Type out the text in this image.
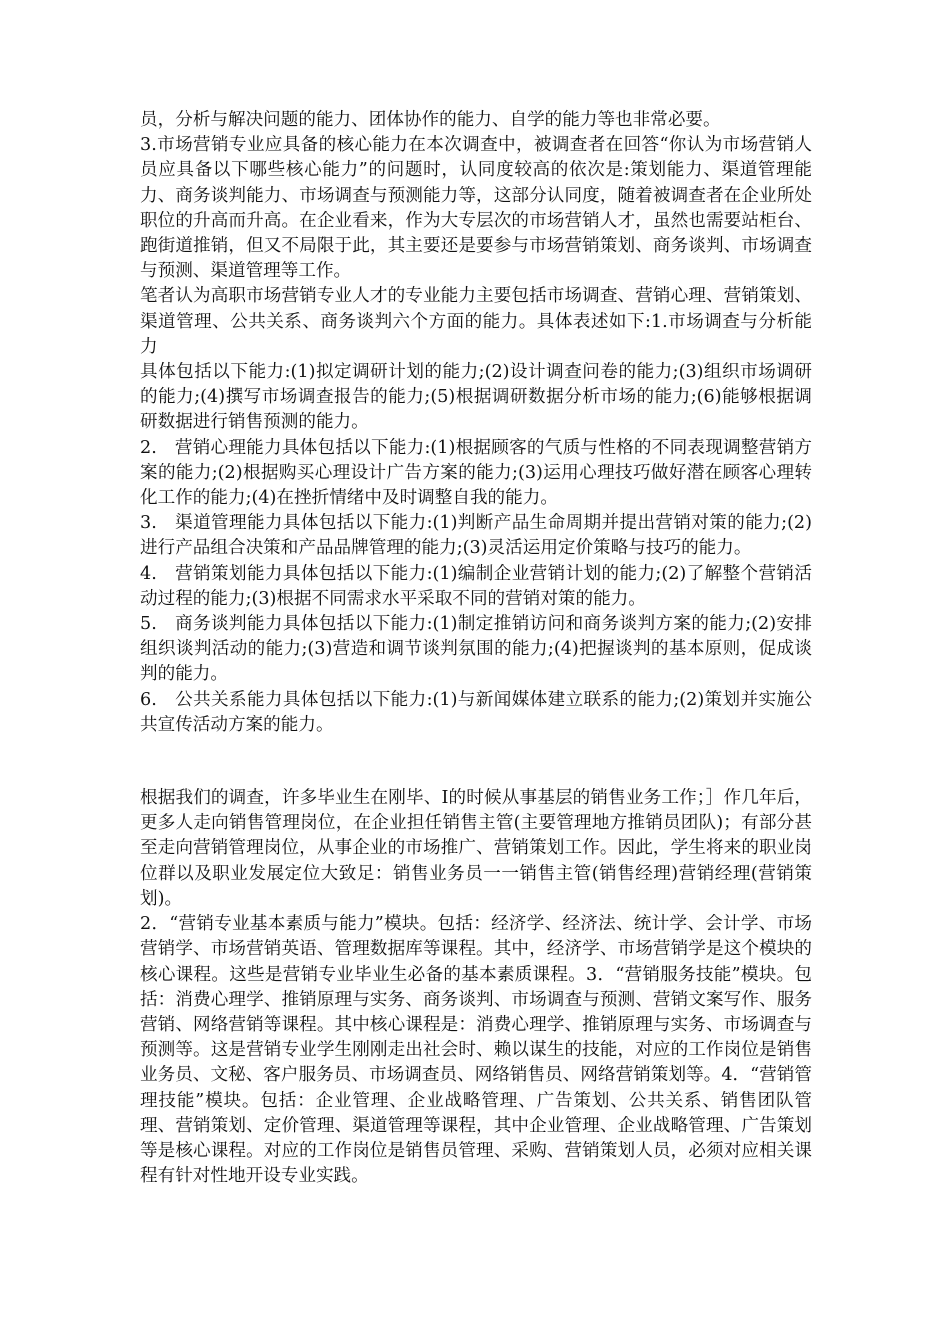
员，分析与解决问题的能力、团体协作的能力、自学的能力等也非常必要。

3.市场营销专业应具备的核心能力在本次调查中，被调查者在回答“你认为市场营销人员应具备以下哪些核心能力”的问题时，认同度较高的依次是:策划能力、渠道管理能力、商务谈判能力、市场调查与预测能力等，这部分认同度，随着被调查者在企业所处职位的升高而升高。在企业看来，作为大专层次的市场营销人才，虽然也需要站柜台、跑街道推销，但又不局限于此，其主要还是要参与市场营销策划、商务谈判、市场调查与预测、渠道管理等工作。

笔者认为高职市场营销专业人才的专业能力主要包括市场调查、营销心理、营销策划、渠道管理、公共关系、商务谈判六个方面的能力。具体表述如下:1.市场调查与分析能力

具体包括以下能力:(1)拟定调研计划的能力;(2)设计调查问卷的能力;(3)组织市场调研的能力;(4)撰写市场调查报告的能力;(5)根据调研数据分析市场的能力;(6)能够根据调研数据进行销售预测的能力。

2.　营销心理能力具体包括以下能力:(1)根据顾客的气质与性格的不同表现调整营销方案的能力;(2)根据购买心理设计广告方案的能力;(3)运用心理技巧做好潜在顾客心理转化工作的能力;(4)在挫折情绪中及时调整自我的能力。

3.　渠道管理能力具体包括以下能力:(1)判断产品生命周期并提出营销对策的能力;(2)进行产品组合决策和产品品牌管理的能力;(3)灵活运用定价策略与技巧的能力。

4.　营销策划能力具体包括以下能力:(1)编制企业营销计划的能力;(2)了解整个营销活动过程的能力;(3)根据不同需求水平采取不同的营销对策的能力。

5.　商务谈判能力具体包括以下能力:(1)制定推销访问和商务谈判方案的能力;(2)安排组织谈判活动的能力;(3)营造和调节谈判氛围的能力;(4)把握谈判的基本原则，促成谈判的能力。

6.　公共关系能力具体包括以下能力:(1)与新闻媒体建立联系的能力;(2)策划并实施公共宣传活动方案的能力。

根据我们的调查，许多毕业生在刚毕、I的时候从事基层的销售业务工作；］作几年后，更多人走向销售管理岗位，在企业担任销售主管(主要管理地方推销员团队)；有部分甚至走向营销管理岗位，从事企业的市场推广、营销策划工作。因此，学生将来的职业岗位群以及职业发展定位大致足：销售业务员一一销售主管(销售经理)营销经理(营销策划)。

2．“营销专业基本素质与能力”模块。包括：经济学、经济法、统计学、会计学、市场营销学、市场营销英语、管理数据库等课程。其中，经济学、市场营销学是这个模块的核心课程。这些是营销专业毕业生必备的基本素质课程。3．“营销服务技能”模块。包括：消费心理学、推销原理与实务、商务谈判、市场调查与预测、营销文案写作、服务营销、网络营销等课程。其中核心课程是：消费心理学、推销原理与实务、市场调查与预测等。这是营销专业学生刚刚走出社会时、赖以谋生的技能，对应的工作岗位是销售业务员、文秘、客户服务员、市场调查员、网络销售员、网络营销策划等。4．“营销管理技能”模块。包括：企业管理、企业战略管理、广告策划、公共关系、销售团队管理、营销策划、定价管理、渠道管理等课程，其中企业管理、企业战略管理、广告策划等是核心课程。对应的工作岗位是销售员管理、采购、营销策划人员，必须对应相关课程有针对性地开设专业实践。
